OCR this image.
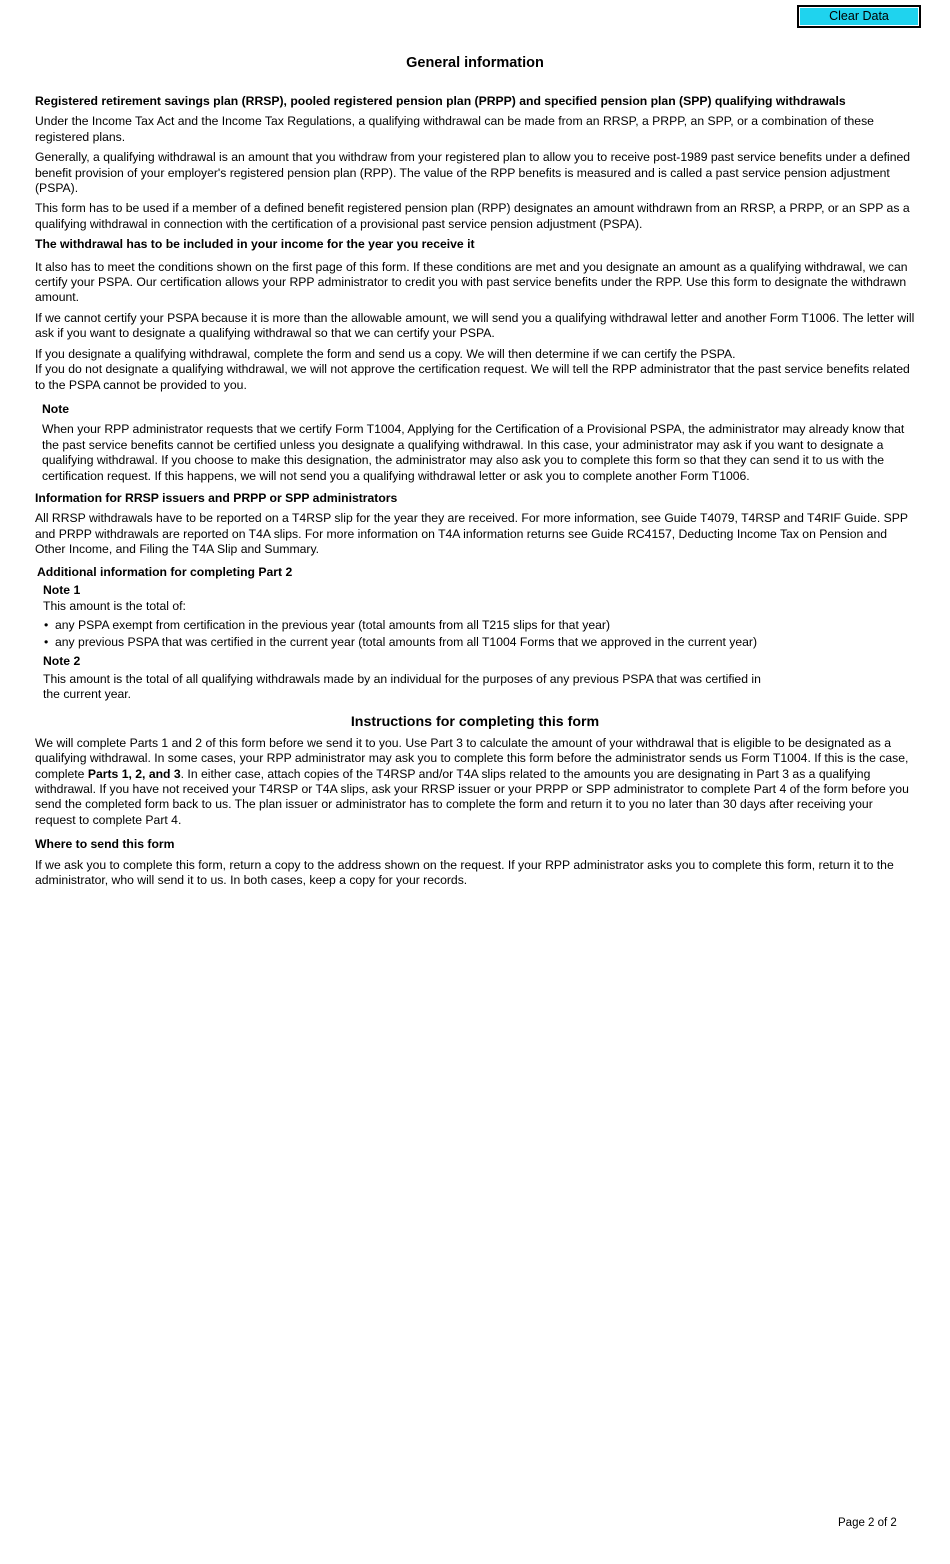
Clear Data
General information
Registered retirement savings plan (RRSP), pooled registered pension plan (PRPP) and specified pension plan (SPP) qualifying withdrawals

Under the Income Tax Act and the Income Tax Regulations, a qualifying withdrawal can be made from an RRSP, a PRPP, an SPP, or a combination of these registered plans.

Generally, a qualifying withdrawal is an amount that you withdraw from your registered plan to allow you to receive post-1989 past service benefits under a defined benefit provision of your employer's registered pension plan (RPP). The value of the RPP benefits is measured and is called a past service pension adjustment (PSPA).

This form has to be used if a member of a defined benefit registered pension plan (RPP) designates an amount withdrawn from an RRSP, a PRPP, or an SPP as a qualifying withdrawal in connection with the certification of a provisional past service pension adjustment (PSPA).

The withdrawal has to be included in your income for the year you receive it

It also has to meet the conditions shown on the first page of this form. If these conditions are met and you designate an amount as a qualifying withdrawal, we can certify your PSPA. Our certification allows your RPP administrator to credit you with past service benefits under the RPP. Use this form to designate the withdrawn amount.

If we cannot certify your PSPA because it is more than the allowable amount, we will send you a qualifying withdrawal letter and another Form T1006. The letter will ask if you want to designate a qualifying withdrawal so that we can certify your PSPA.

If you designate a qualifying withdrawal, complete the form and send us a copy. We will then determine if we can certify the PSPA.

If you do not designate a qualifying withdrawal, we will not approve the certification request. We will tell the RPP administrator that the past service benefits related to the PSPA cannot be provided to you.

Note

When your RPP administrator requests that we certify Form T1004, Applying for the Certification of a Provisional PSPA, the administrator may already know that the past service benefits cannot be certified unless you designate a qualifying withdrawal. In this case, your administrator may ask if you want to designate a qualifying withdrawal. If you choose to make this designation, the administrator may also ask you to complete this form so that they can send it to us with the certification request. If this happens, we will not send you a qualifying withdrawal letter or ask you to complete another Form T1006.

Information for RRSP issuers and PRPP or SPP administrators

All RRSP withdrawals have to be reported on a T4RSP slip for the year they are received. For more information, see Guide T4079, T4RSP and T4RIF Guide. SPP and PRPP withdrawals are reported on T4A slips. For more information on T4A information returns see Guide RC4157, Deducting Income Tax on Pension and Other Income, and Filing the T4A Slip and Summary.

Additional information for completing Part 2
Note 1

This amount is the total of:

• any PSPA exempt from certification in the previous year (total amounts from all T215 slips for that year)
• any previous PSPA that was certified in the current year (total amounts from all T1004 Forms that we approved in the current year)
Note 2

This amount is the total of all qualifying withdrawals made by an individual for the purposes of any previous PSPA that was certified in
the current year.

Instructions for completing this form

We will complete Parts 1 and 2 of this form before we send it to you. Use Part 3 to calculate the amount of your withdrawal that is eligible to be designated as a qualifying withdrawal. In some cases, your RPP administrator may ask you to complete this form before the administrator sends us Form T1004. If this is the case, complete Parts 1, 2, and 3. In either case, attach copies of the T4RSP and/or T4A slips related to the amounts you are designating in Part 3 as a qualifying withdrawal. If you have not received your T4RSP or T4A slips, ask your RRSP issuer or your PRPP or SPP administrator to complete Part 4 of the form before you send the completed form back to us. The plan issuer or administrator has to complete the form and return it to you no later than 30 days after receiving your request to complete Part 4.

Where to send this form

If we ask you to complete this form, return a copy to the address shown on the request. If your RPP administrator asks you to complete this form, return it to the administrator, who will send it to us. In both cases, keep a copy for your records.

Page 2 of 2
